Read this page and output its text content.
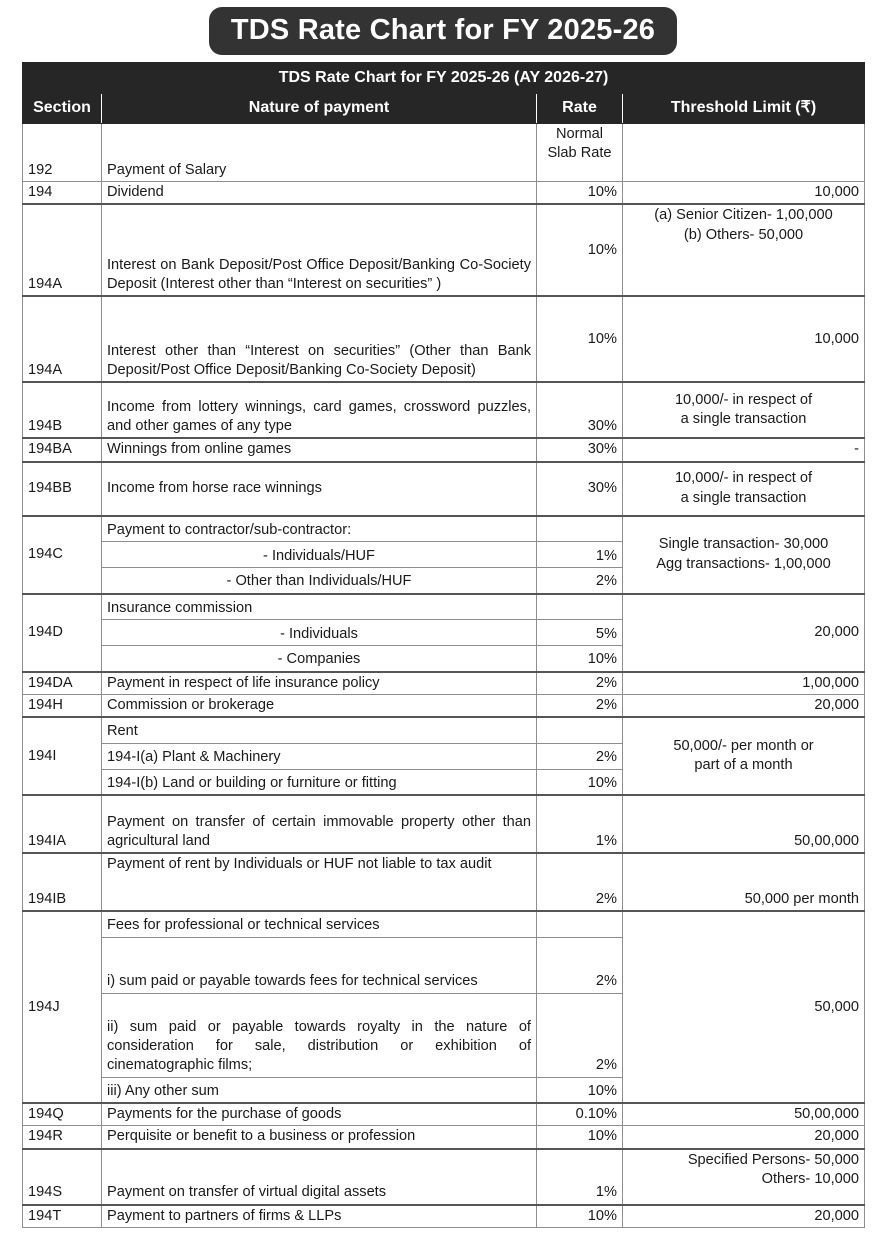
TDS Rate Chart for FY 2025-26
TDS Rate Chart for FY 2025-26 (AY 2026-27)			
Section	Nature of payment	Rate	Threshold Limit (₹)
192	Payment of Salary	Normal
Slab Rate	

194	Dividend	10%	10,000
194A	Interest on Bank Deposit/Post Office Deposit/Banking Co-Society Deposit (Interest other than “Interest on securities” )	10%	(a) Senior Citizen- 1,00,000
(b) Others- 50,000

194A	Interest other than “Interest on securities” (Other than Bank Deposit/Post Office Deposit/Banking Co-Society Deposit)	10%	10,000
194B	Income from lottery winnings, card games, crossword puzzles, and other games of any type	30%	10,000/- in respect of
a single transaction

194BA	Winnings from online games	30%	-
194BB	Income from horse race winnings	30%	10,000/- in respect of
a single transaction

194C	Payment to contractor/sub-contractor:		Single transaction- 30,000
Agg transactions- 1,00,000

	- Individuals/HUF	1%	
	- Other than Individuals/HUF	2%	
194D	Insurance commission		20,000
	- Individuals	5%	
	- Companies	10%	
194DA	Payment in respect of life insurance policy	2%	1,00,000
194H	Commission or brokerage	2%	20,000
194I	Rent		50,000/- per month or
part of a month

	194-I(a) Plant & Machinery	2%	
	194-I(b) Land or building or furniture or fitting	10%	
194IA	Payment on transfer of certain immovable property other than agricultural land	1%	50,00,000
194IB	Payment of rent by Individuals or HUF not liable to tax audit	2%	50,000 per month
194J	Fees for professional or technical services		50,000
	i) sum paid or payable towards fees for technical services	2%	
	ii) sum paid or payable towards royalty in the nature of consideration for sale, distribution or exhibition of cinematographic films;	2%	
	iii) Any other sum	10%	
194Q	Payments for the purchase of goods	0.10%	50,00,000
194R	Perquisite or benefit to a business or profession	10%	20,000
194S	Payment on transfer of virtual digital assets	1%	Specified Persons- 50,000
Others- 10,000

194T	Payment to partners of firms & LLPs	10%	20,000
